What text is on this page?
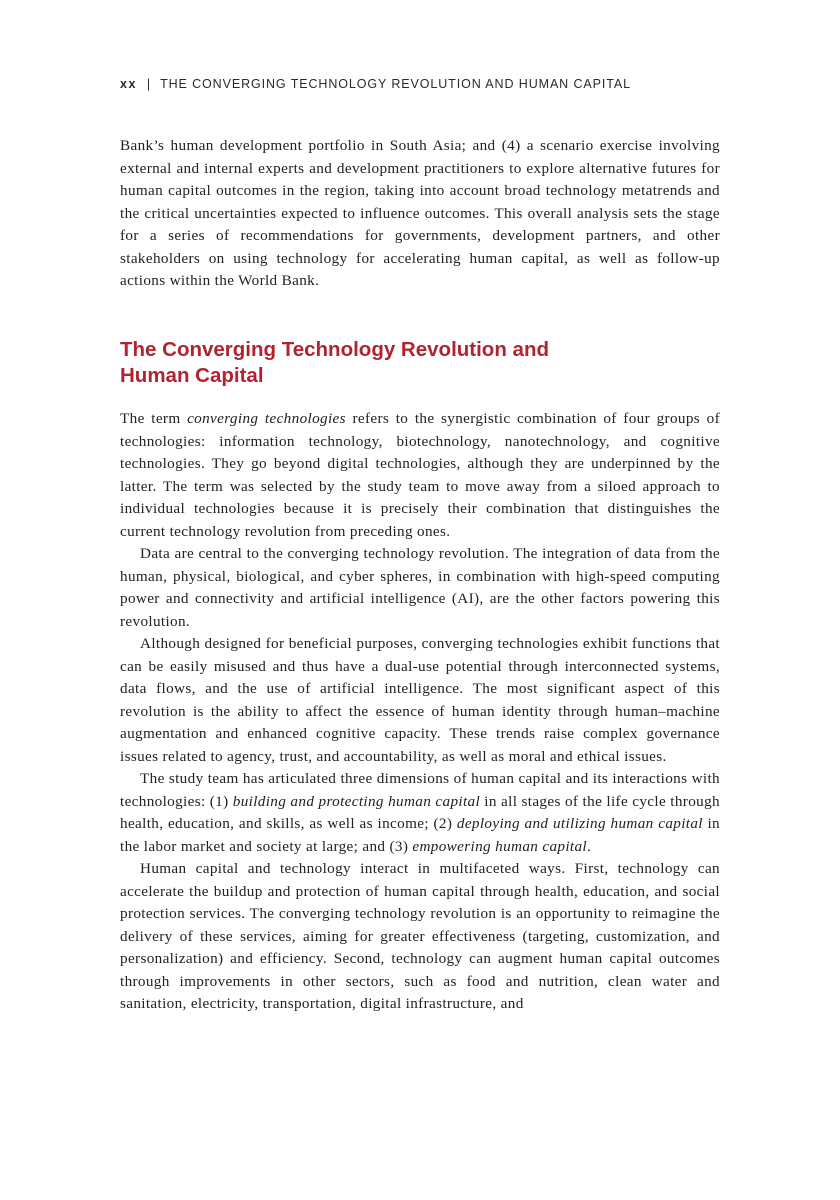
xx | THE CONVERGING TECHNOLOGY REVOLUTION AND HUMAN CAPITAL

Bank’s human development portfolio in South Asia; and (4) a scenario exercise involving external and internal experts and development practitioners to explore alternative futures for human capital outcomes in the region, taking into account broad technology metatrends and the critical uncertainties expected to influence outcomes. This overall analysis sets the stage for a series of recommendations for governments, development partners, and other stakeholders on using technology for accelerating human capital, as well as follow-up actions within the World Bank.

The Converging Technology Revolution and
Human Capital

The term converging technologies refers to the synergistic combination of four groups of technologies: information technology, biotechnology, nanotechnology, and cognitive technologies. They go beyond digital technologies, although they are underpinned by the latter. The term was selected by the study team to move away from a siloed approach to individual technologies because it is precisely their combination that distinguishes the current technology revolution from preceding ones.

Data are central to the converging technology revolution. The integration of data from the human, physical, biological, and cyber spheres, in combination with high-speed computing power and connectivity and artificial intelligence (AI), are the other factors powering this revolution.

Although designed for beneficial purposes, converging technologies exhibit functions that can be easily misused and thus have a dual-use potential through interconnected systems, data flows, and the use of artificial intelligence. The most significant aspect of this revolution is the ability to affect the essence of human identity through human–machine augmentation and enhanced cognitive capacity. These trends raise complex governance issues related to agency, trust, and accountability, as well as moral and ethical issues.

The study team has articulated three dimensions of human capital and its interactions with technologies: (1) building and protecting human capital in all stages of the life cycle through health, education, and skills, as well as income; (2) deploying and utilizing human capital in the labor market and society at large; and (3) empowering human capital.

Human capital and technology interact in multifaceted ways. First, technology can accelerate the buildup and protection of human capital through health, education, and social protection services. The converging technology revolution is an opportunity to reimagine the delivery of these services, aiming for greater effectiveness (targeting, customization, and personalization) and efficiency. Second, technology can augment human capital outcomes through improvements in other sectors, such as food and nutrition, clean water and sanitation, electricity, transportation, digital infrastructure, and
